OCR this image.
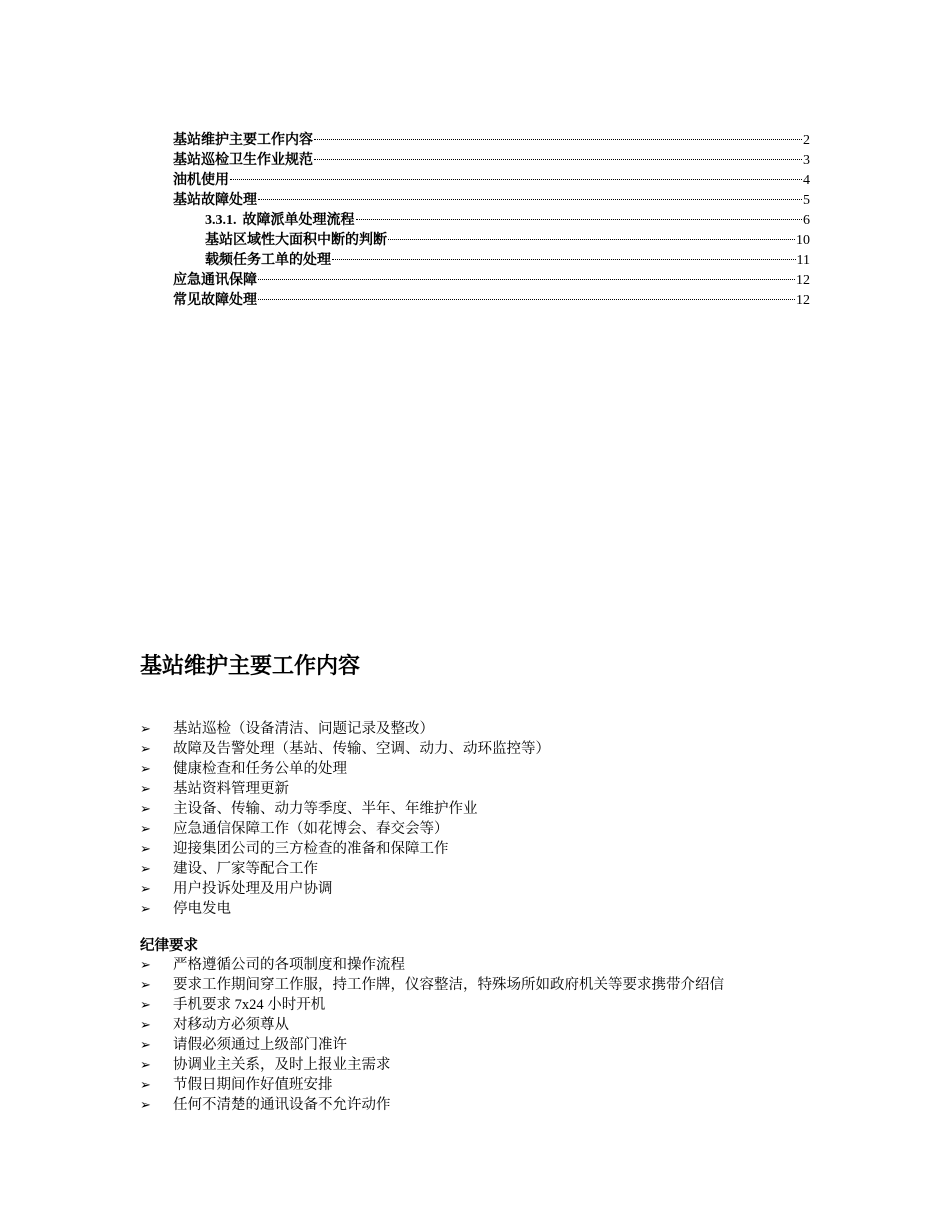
基站维护主要工作内容	2
基站巡检卫生作业规范	3
油机使用	4
基站故障处理	5
3.3.1. 故障派单处理流程	6
基站区域性大面积中断的判断	10
载频任务工单的处理	11
应急通讯保障	12
常见故障处理	12
基站维护主要工作内容
➢	基站巡检（设备清洁、问题记录及整改）
➢	故障及告警处理（基站、传输、空调、动力、动环监控等）
➢	健康检查和任务公单的处理
➢	基站资料管理更新
➢	主设备、传输、动力等季度、半年、年维护作业
➢	应急通信保障工作（如花博会、春交会等）
➢	迎接集团公司的三方检查的准备和保障工作
➢	建设、厂家等配合工作
➢	用户投诉处理及用户协调
➢	停电发电
纪律要求
➢	严格遵循公司的各项制度和操作流程
➢	要求工作期间穿工作服，持工作牌，仪容整洁，特殊场所如政府机关等要求携带介绍信
➢	手机要求 7x24 小时开机
➢	对移动方必须尊从
➢	请假必须通过上级部门准许
➢	协调业主关系，及时上报业主需求
➢	节假日期间作好值班安排
➢	任何不清楚的通讯设备不允许动作
